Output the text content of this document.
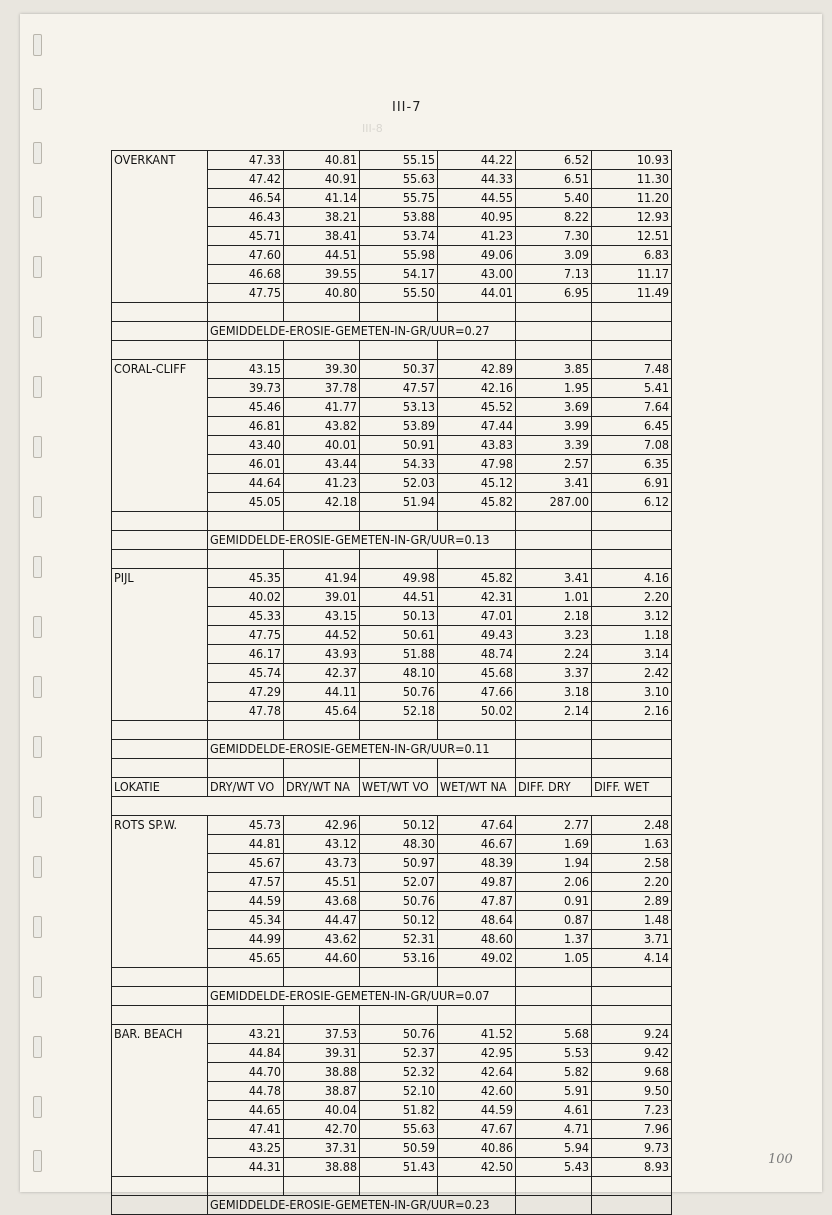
III-7
III-8
100
OVERKANT	47.33	40.81	55.15	44.22	6.52	10.93
	47.42	40.91	55.63	44.33	6.51	11.30
	46.54	41.14	55.75	44.55	5.40	11.20
	46.43	38.21	53.88	40.95	8.22	12.93
	45.71	38.41	53.74	41.23	7.30	12.51
	47.60	44.51	55.98	49.06	3.09	6.83
	46.68	39.55	54.17	43.00	7.13	11.17
	47.75	40.80	55.50	44.01	6.95	11.49

	GEMIDDELDE-EROSIE-GEMETEN-IN-GR/UUR=0.27					

CORAL-CLIFF	43.15	39.30	50.37	42.89	3.85	7.48
	39.73	37.78	47.57	42.16	1.95	5.41
	45.46	41.77	53.13	45.52	3.69	7.64
	46.81	43.82	53.89	47.44	3.99	6.45
	43.40	40.01	50.91	43.83	3.39	7.08
	46.01	43.44	54.33	47.98	2.57	6.35
	44.64	41.23	52.03	45.12	3.41	6.91
	45.05	42.18	51.94	45.82	287.00	6.12

	GEMIDDELDE-EROSIE-GEMETEN-IN-GR/UUR=0.13					

PIJL	45.35	41.94	49.98	45.82	3.41	4.16
	40.02	39.01	44.51	42.31	1.01	2.20
	45.33	43.15	50.13	47.01	2.18	3.12
	47.75	44.52	50.61	49.43	3.23	1.18
	46.17	43.93	51.88	48.74	2.24	3.14
	45.74	42.37	48.10	45.68	3.37	2.42
	47.29	44.11	50.76	47.66	3.18	3.10
	47.78	45.64	52.18	50.02	2.14	2.16

	GEMIDDELDE-EROSIE-GEMETEN-IN-GR/UUR=0.11					

LOKATIE	DRY/WT VO	DRY/WT NA	WET/WT VO	WET/WT NA	DIFF. DRY	DIFF. WET

ROTS SP.W.	45.73	42.96	50.12	47.64	2.77	2.48
	44.81	43.12	48.30	46.67	1.69	1.63
	45.67	43.73	50.97	48.39	1.94	2.58
	47.57	45.51	52.07	49.87	2.06	2.20
	44.59	43.68	50.76	47.87	0.91	2.89
	45.34	44.47	50.12	48.64	0.87	1.48
	44.99	43.62	52.31	48.60	1.37	3.71
	45.65	44.60	53.16	49.02	1.05	4.14

	GEMIDDELDE-EROSIE-GEMETEN-IN-GR/UUR=0.07					

BAR. BEACH	43.21	37.53	50.76	41.52	5.68	9.24
	44.84	39.31	52.37	42.95	5.53	9.42
	44.70	38.88	52.32	42.64	5.82	9.68
	44.78	38.87	52.10	42.60	5.91	9.50
	44.65	40.04	51.82	44.59	4.61	7.23
	47.41	42.70	55.63	47.67	4.71	7.96
	43.25	37.31	50.59	40.86	5.94	9.73
	44.31	38.88	51.43	42.50	5.43	8.93

	GEMIDDELDE-EROSIE-GEMETEN-IN-GR/UUR=0.23					
